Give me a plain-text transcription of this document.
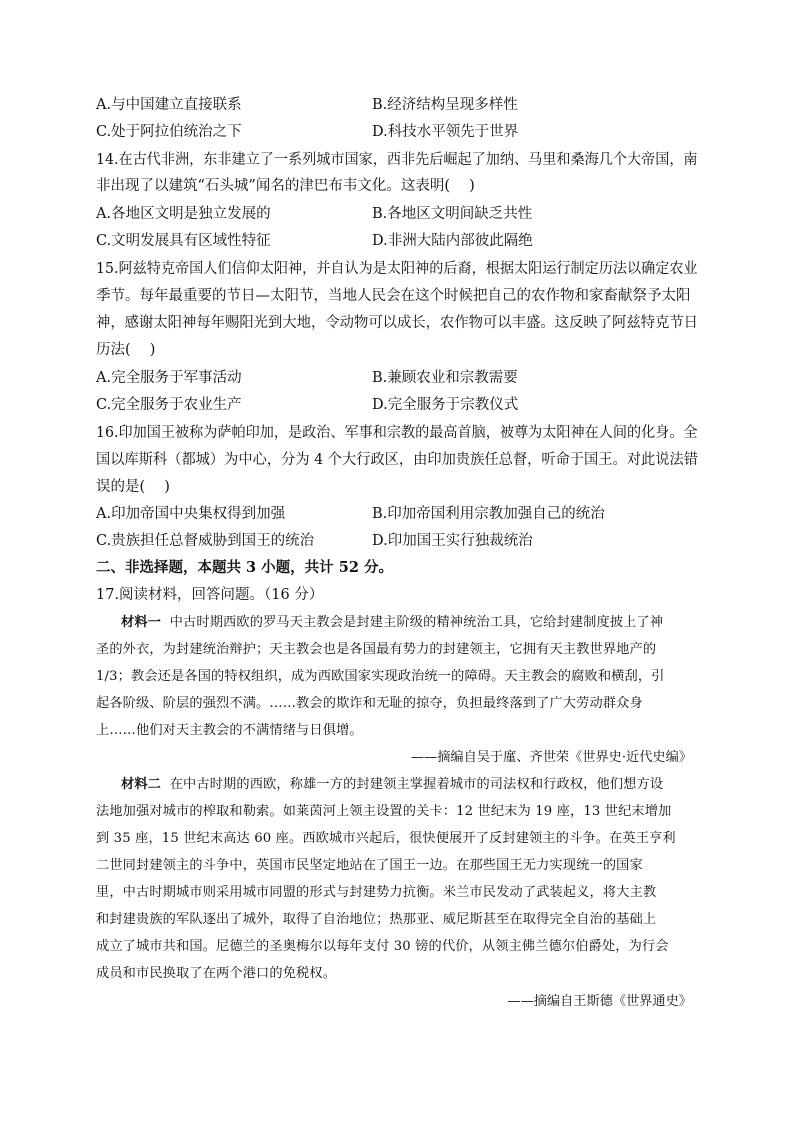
A.与中国建立直接联系	B.经济结构呈现多样性
C.处于阿拉伯统治之下	D.科技水平领先于世界
14.在古代非洲，东非建立了一系列城市国家，西非先后崛起了加纳、马里和桑海几个大帝国，南
非出现了以建筑“石头城”闻名的津巴布韦文化。这表明(　 )
A.各地区文明是独立发展的	B.各地区文明间缺乏共性
C.文明发展具有区域性特征	D.非洲大陆内部彼此隔绝
15.阿兹特克帝国人们信仰太阳神，并自认为是太阳神的后裔，根据太阳运行制定历法以确定农业
季节。每年最重要的节日—太阳节，当地人民会在这个时候把自己的农作物和家畜献祭予太阳
神，感谢太阳神每年赐阳光到大地，令动物可以成长，农作物可以丰盛。这反映了阿兹特克节日
历法(　 )
A.完全服务于军事活动	B.兼顾农业和宗教需要
C.完全服务于农业生产	D.完全服务于宗教仪式
16.印加国王被称为萨帕印加，是政治、军事和宗教的最高首脑，被尊为太阳神在人间的化身。全
国以库斯科（都城）为中心，分为 4 个大行政区，由印加贵族任总督，听命于国王。对此说法错
误的是(　 )
A.印加帝国中央集权得到加强	B.印加帝国利用宗教加强自己的统治
C.贵族担任总督威胁到国王的统治	D.印加国王实行独裁统治
二、非选择题，本题共 3 小题，共计 52 分。
17.阅读材料，回答问题。（16 分）
材料一 中古时期西欧的罗马天主教会是封建主阶级的精神统治工具，它给封建制度披上了神
圣的外衣，为封建统治辩护；天主教会也是各国最有势力的封建领主，它拥有天主教世界地产的
1/3；教会还是各国的特权组织，成为西欧国家实现政治统一的障碍。天主教会的腐败和横刮，引
起各阶级、阶层的强烈不满。……教会的欺诈和无耻的掠夺，负担最终落到了广大劳动群众身
上……他们对天主教会的不满情绪与日俱增。
——摘编自吴于廑、齐世荣《世界史·近代史编》
材料二 在中古时期的西欧，称雄一方的封建领主掌握着城市的司法权和行政权，他们想方设
法地加强对城市的榨取和勒索。如莱茵河上领主设置的关卡：12 世纪末为 19 座，13 世纪末增加
到 35 座，15 世纪末高达 60 座。西欧城市兴起后，很快便展开了反封建领主的斗争。在英王亨利
二世同封建领主的斗争中，英国市民坚定地站在了国王一边。在那些国王无力实现统一的国家
里，中古时期城市则采用城市同盟的形式与封建势力抗衡。米兰市民发动了武装起义，将大主教
和封建贵族的军队逐出了城外，取得了自治地位；热那亚、威尼斯甚至在取得完全自治的基础上
成立了城市共和国。尼德兰的圣奥梅尔以每年支付 30 镑的代价，从领主佛兰德尔伯爵处，为行会
成员和市民换取了在两个港口的免税权。
——摘编自王斯德《世界通史》
